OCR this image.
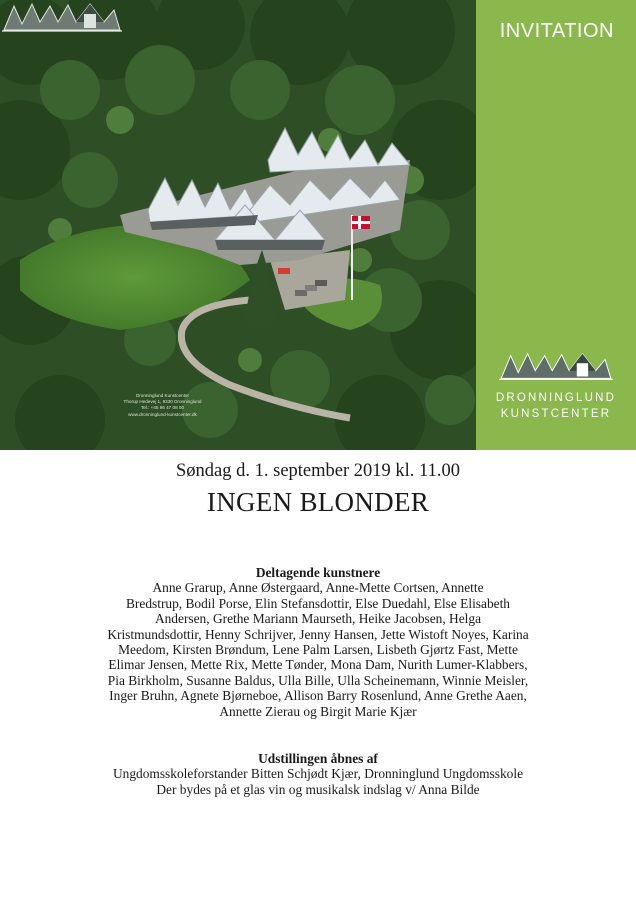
Dronninglund Kunstcenter
Thorup Hedevej 1, 9330 Dronninglund
Tel.: +45 96 47 08 00
www.dronninglund-kunstcenter.dk
INVITATION
DRONNINGLUND
KUNSTCENTER
Søndag d. 1. september 2019 kl. 11.00
INGEN BLONDER
Deltagende kunstnere
Anne Grarup, Anne Østergaard, Anne-Mette Cortsen, Annette
Bredstrup, Bodil Porse, Elin Stefansdottir, Else Duedahl, Else Elisabeth
Andersen, Grethe Mariann Maurseth, Heike Jacobsen, Helga
Kristmundsdottir, Henny Schrijver, Jenny Hansen, Jette Wistoft Noyes, Karina
Meedom, Kirsten Brøndum, Lene Palm Larsen, Lisbeth Gjørtz Fast, Mette
Elimar Jensen, Mette Rix, Mette Tønder, Mona Dam, Nurith Lumer-Klabbers,
Pia Birkholm, Susanne Baldus, Ulla Bille, Ulla Scheinemann, Winnie Meisler,
Inger Bruhn, Agnete Bjørneboe, Allison Barry Rosenlund, Anne Grethe Aaen,
Annette Zierau og Birgit Marie Kjær
Udstillingen åbnes af
Ungdomsskoleforstander Bitten Schjødt Kjær, Dronninglund Ungdomsskole
Der bydes på et glas vin og musikalsk indslag v/ Anna Bilde
